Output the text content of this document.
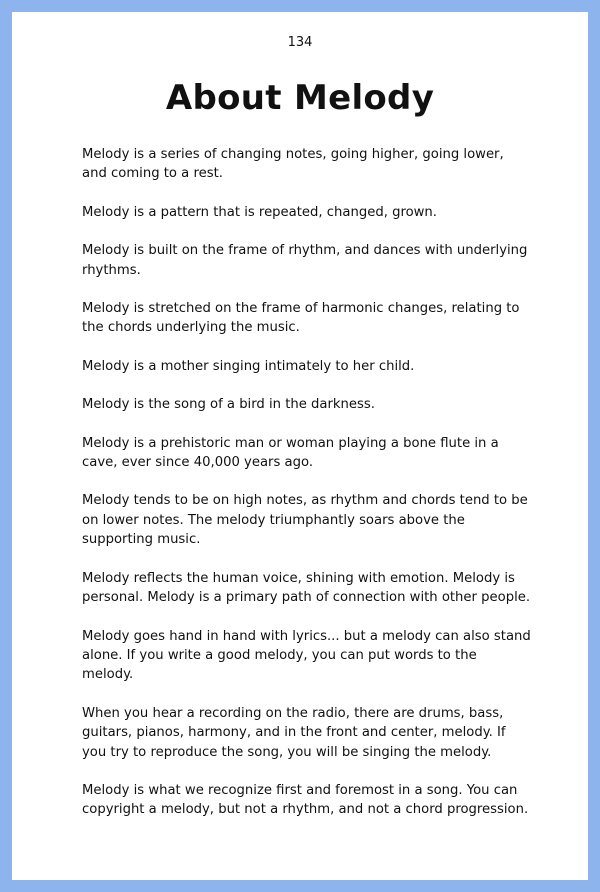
134
About Melody

Melody is a series of changing notes, going higher, going lower, and coming to a rest.

Melody is a pattern that is repeated, changed, grown.

Melody is built on the frame of rhythm, and dances with underlying rhythms.

Melody is stretched on the frame of harmonic changes, relating to the chords underlying the music.

Melody is a mother singing intimately to her child.

Melody is the song of a bird in the darkness.

Melody is a prehistoric man or woman playing a bone flute in a cave, ever since 40,000 years ago.

Melody tends to be on high notes, as rhythm and chords tend to be on lower notes. The melody triumphantly soars above the supporting music.

Melody reflects the human voice, shining with emotion. Melody is personal. Melody is a primary path of connection with other people.

Melody goes hand in hand with lyrics... but a melody can also stand alone. If you write a good melody, you can put words to the melody.

When you hear a recording on the radio, there are drums, bass, guitars, pianos, harmony, and in the front and center, melody. If you try to reproduce the song, you will be singing the melody.

Melody is what we recognize first and foremost in a song. You can copyright a melody, but not a rhythm, and not a chord progression.
